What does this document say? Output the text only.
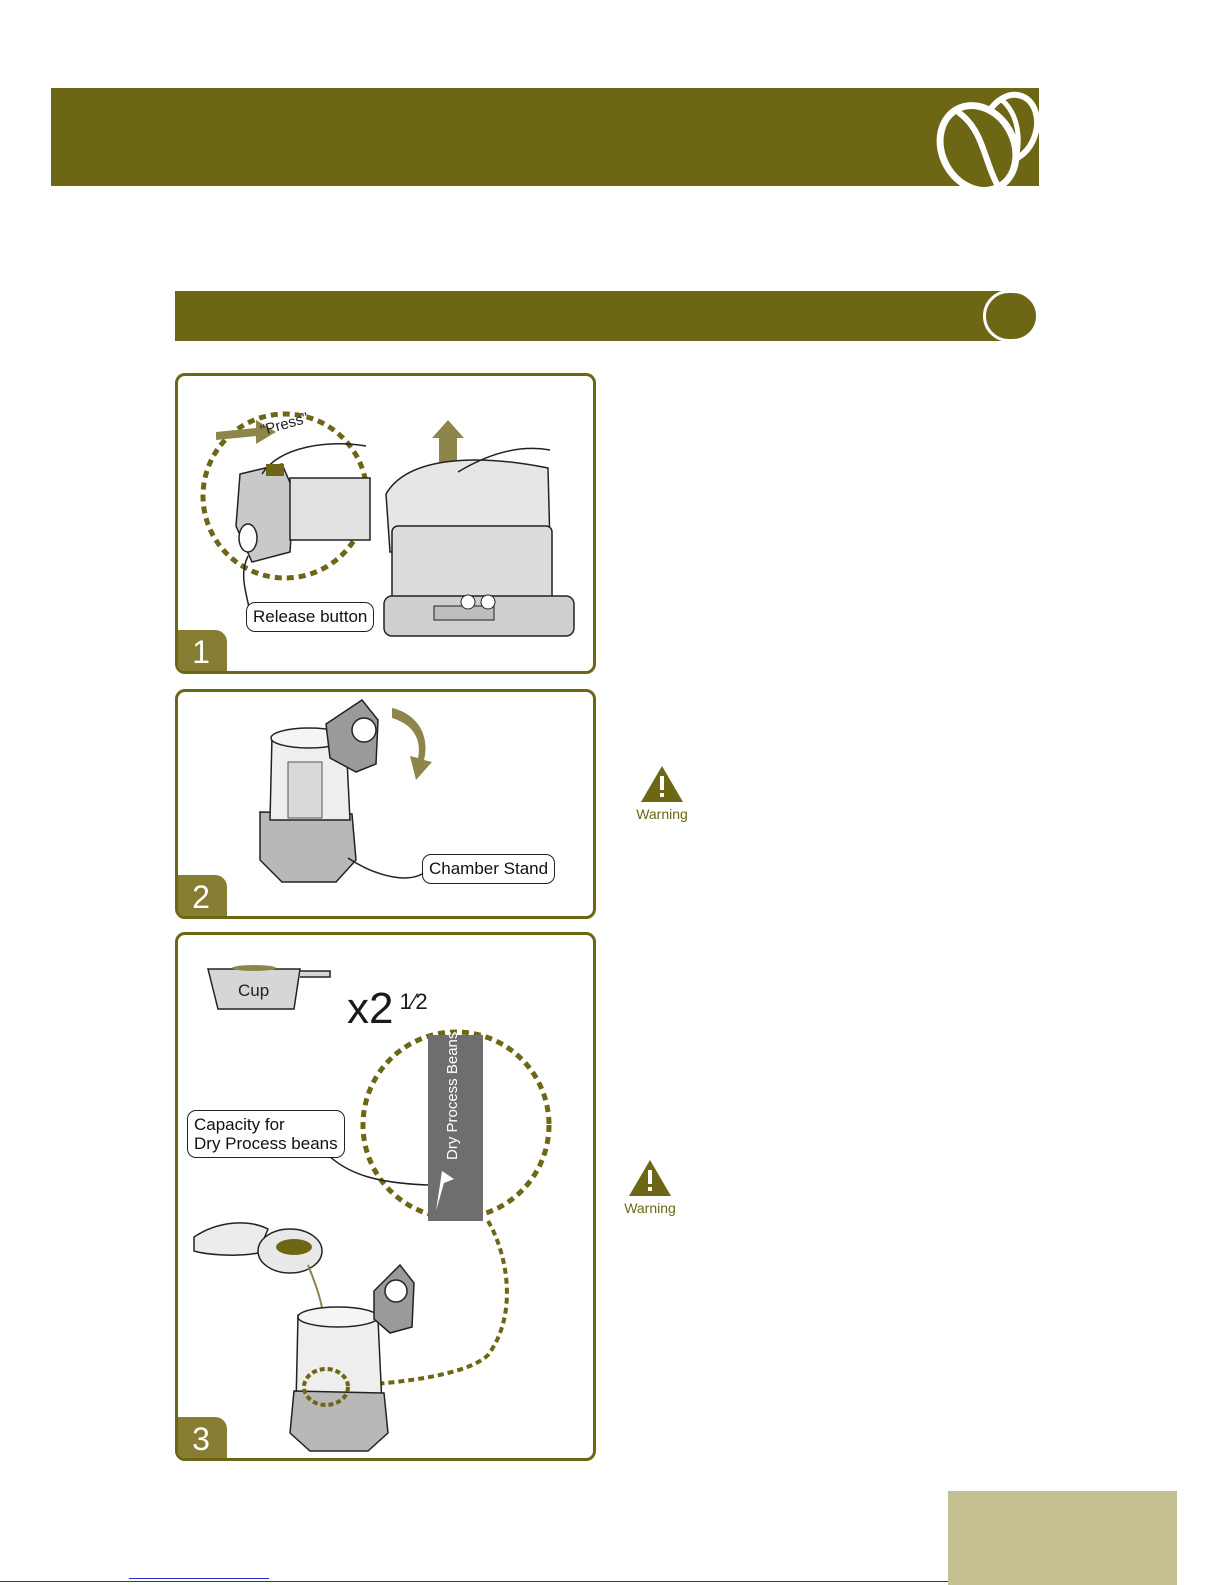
"Press"
Release button
1
Chamber Stand
2
Warning
Cup x2 $^{1⁄2}$
Dry Process Beans
Capacity for
Dry Process beans
3
Warning
